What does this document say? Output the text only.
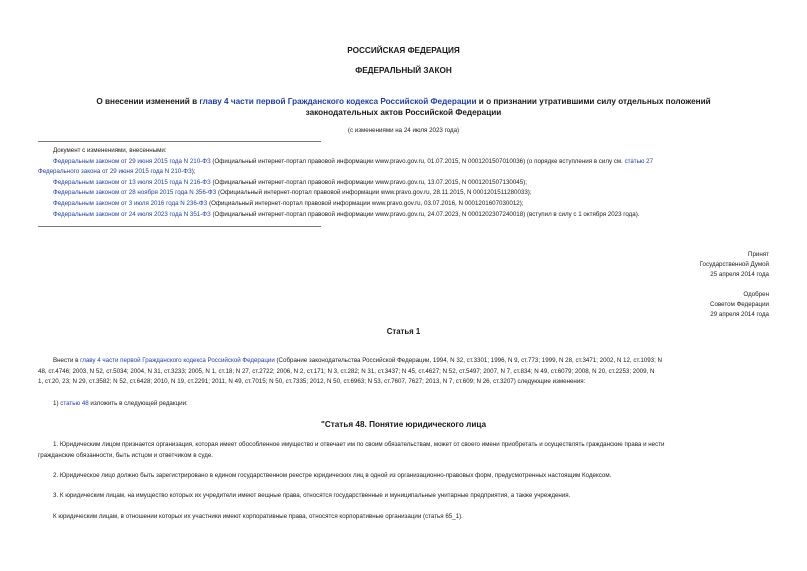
РОССИЙСКАЯ ФЕДЕРАЦИЯ
ФЕДЕРАЛЬНЫЙ ЗАКОН
О внесении изменений в главу 4 части первой Гражданского кодекса Российской Федерации и о признании утратившими силу отдельных положений
законодательных актов Российской Федерации
(с изменениями на 24 июля 2023 года)
Документ с изменениями, внесенными:
Федеральным законом от 29 июня 2015 года N 210-ФЗ (Официальный интернет-портал правовой информации www.pravo.gov.ru, 01.07.2015, N 0001201507010036) (о порядке вступления в силу см. статью 27
Федерального закона от 29 июня 2015 года N 210-ФЗ);
Федеральным законом от 13 июля 2015 года N 216-ФЗ (Официальный интернет-портал правовой информации www.pravo.gov.ru, 13.07.2015, N 0001201507130045);
Федеральным законом от 28 ноября 2015 года N 356-ФЗ (Официальный интернет-портал правовой информации www.pravo.gov.ru, 28.11.2015, N 0001201511280033);
Федеральным законом от 3 июля 2016 года N 236-ФЗ (Официальный интернет-портал правовой информации www.pravo.gov.ru, 03.07.2016, N 0001201607030012);
Федеральным законом от 24 июля 2023 года N 351-ФЗ (Официальный интернет-портал правовой информации www.pravo.gov.ru, 24.07.2023, N 0001202307240018) (вступил в силу с 1 октября 2023 года).
Принят
Государственной Думой
25 апреля 2014 года
Одобрен
Советом Федерации
29 апреля 2014 года
Статья 1
Внести в главу 4 части первой Гражданского кодекса Российской Федерации (Собрание законодательства Российской Федерации, 1994, N 32, ст.3301; 1996, N 9, ст.773; 1999, N 28, ст.3471; 2002, N 12, ст.1093; N
48, ст.4746; 2003, N 52, ст.5034; 2004, N 31, ст.3233; 2005, N 1, ст.18; N 27, ст.2722; 2006, N 2, ст.171; N 3, ст.282; N 31, ст.3437; N 45, ст.4627; N 52, ст.5497; 2007, N 7, ст.834; N 49, ст.6079; 2008, N 20, ст.2253; 2009, N
1, ст.20, 23; N 29, ст.3582; N 52, ст.6428; 2010, N 19, ст.2291; 2011, N 49, ст.7015; N 50, ст.7335; 2012, N 50, ст.6963; N 53, ст.7607, 7627; 2013, N 7, ст.609; N 26, ст.3207) следующие изменения:
1) статью 48 изложить в следующей редакции:
"Статья 48. Понятие юридического лица
1. Юридическим лицом признается организация, которая имеет обособленное имущество и отвечает им по своим обязательствам, может от своего имени приобретать и осуществлять гражданские права и нести
гражданские обязанности, быть истцом и ответчиком в суде.
2. Юридическое лицо должно быть зарегистрировано в едином государственном реестре юридических лиц в одной из организационно-правовых форм, предусмотренных настоящим Кодексом.
3. К юридическим лицам, на имущество которых их учредители имеют вещные права, относятся государственные и муниципальные унитарные предприятия, а также учреждения.
К юридическим лицам, в отношении которых их участники имеют корпоративные права, относятся корпоративные организации (статья 65_1).
